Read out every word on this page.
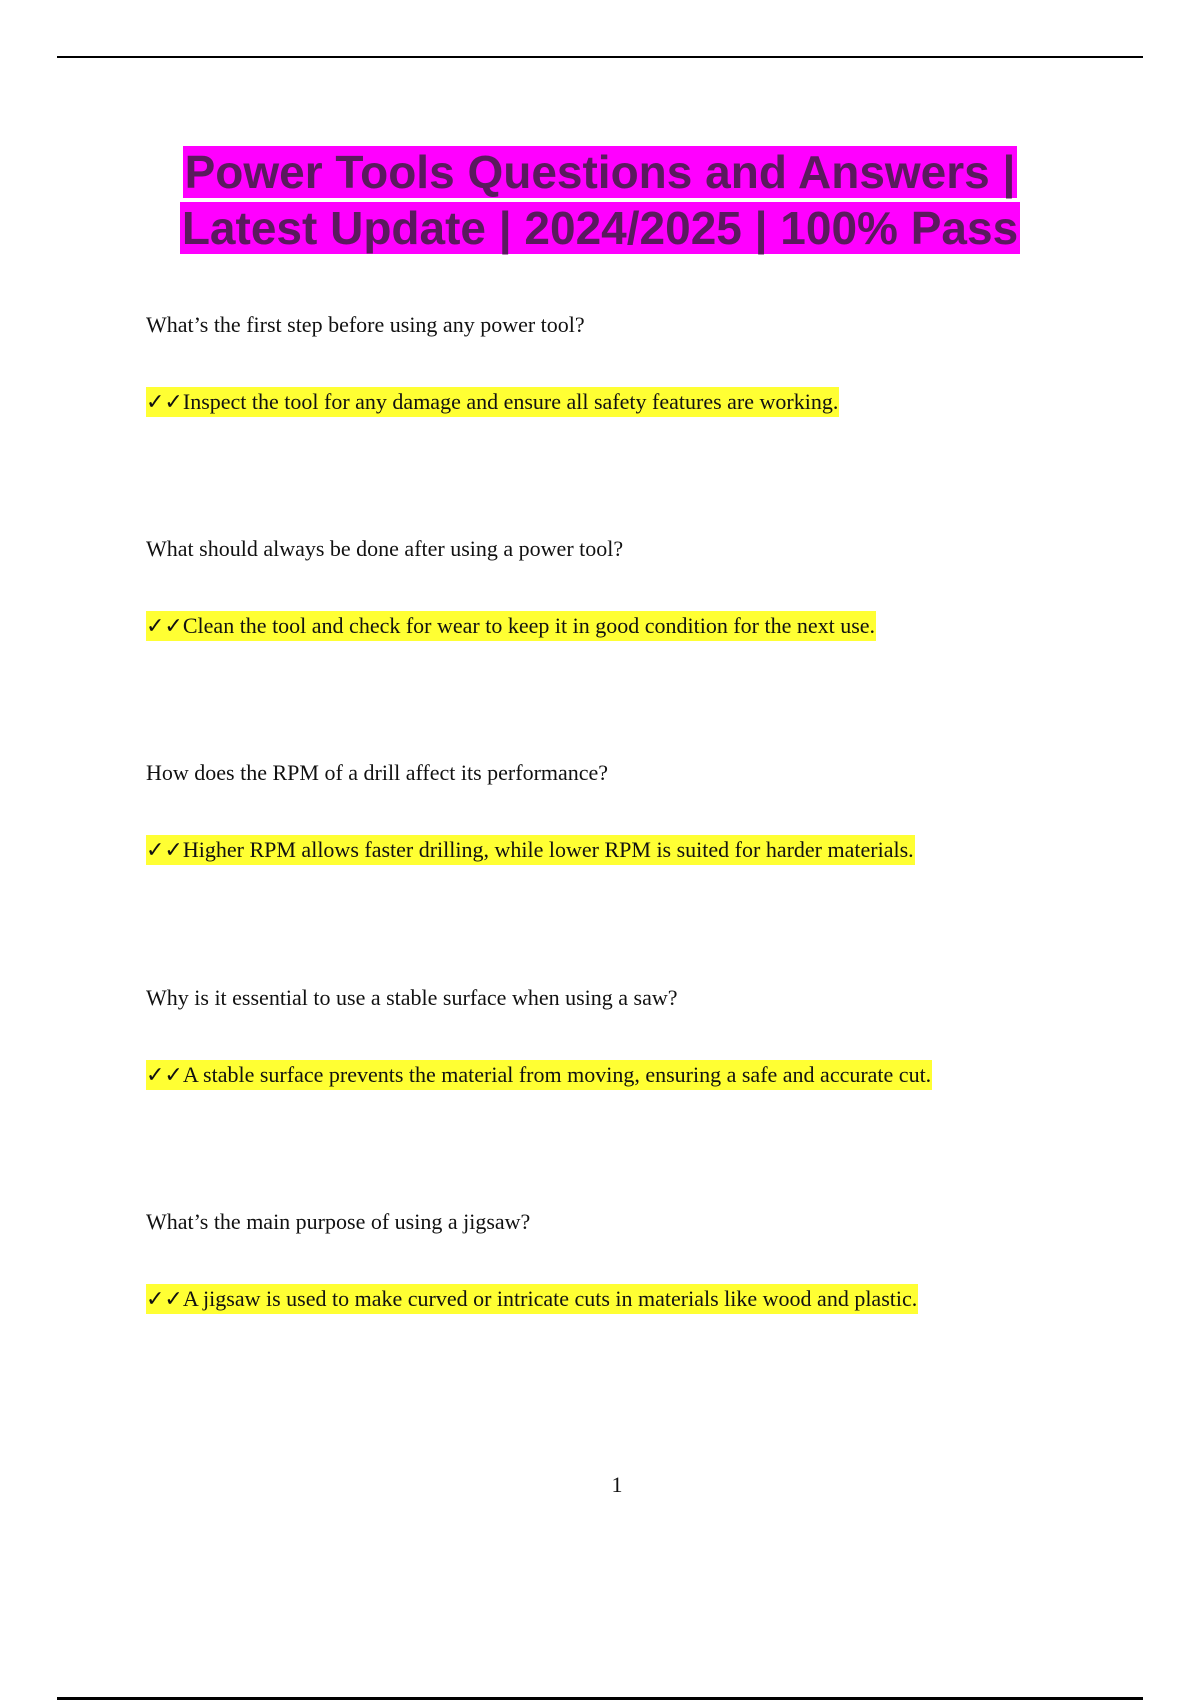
Power Tools Questions and Answers | Latest Update | 2024/2025 | 100% Pass

What’s the first step before using any power tool?

✓✓Inspect the tool for any damage and ensure all safety features are working.

What should always be done after using a power tool?

✓✓Clean the tool and check for wear to keep it in good condition for the next use.

How does the RPM of a drill affect its performance?

✓✓Higher RPM allows faster drilling, while lower RPM is suited for harder materials.

Why is it essential to use a stable surface when using a saw?

✓✓A stable surface prevents the material from moving, ensuring a safe and accurate cut.

What’s the main purpose of using a jigsaw?

✓✓A jigsaw is used to make curved or intricate cuts in materials like wood and plastic.

1
